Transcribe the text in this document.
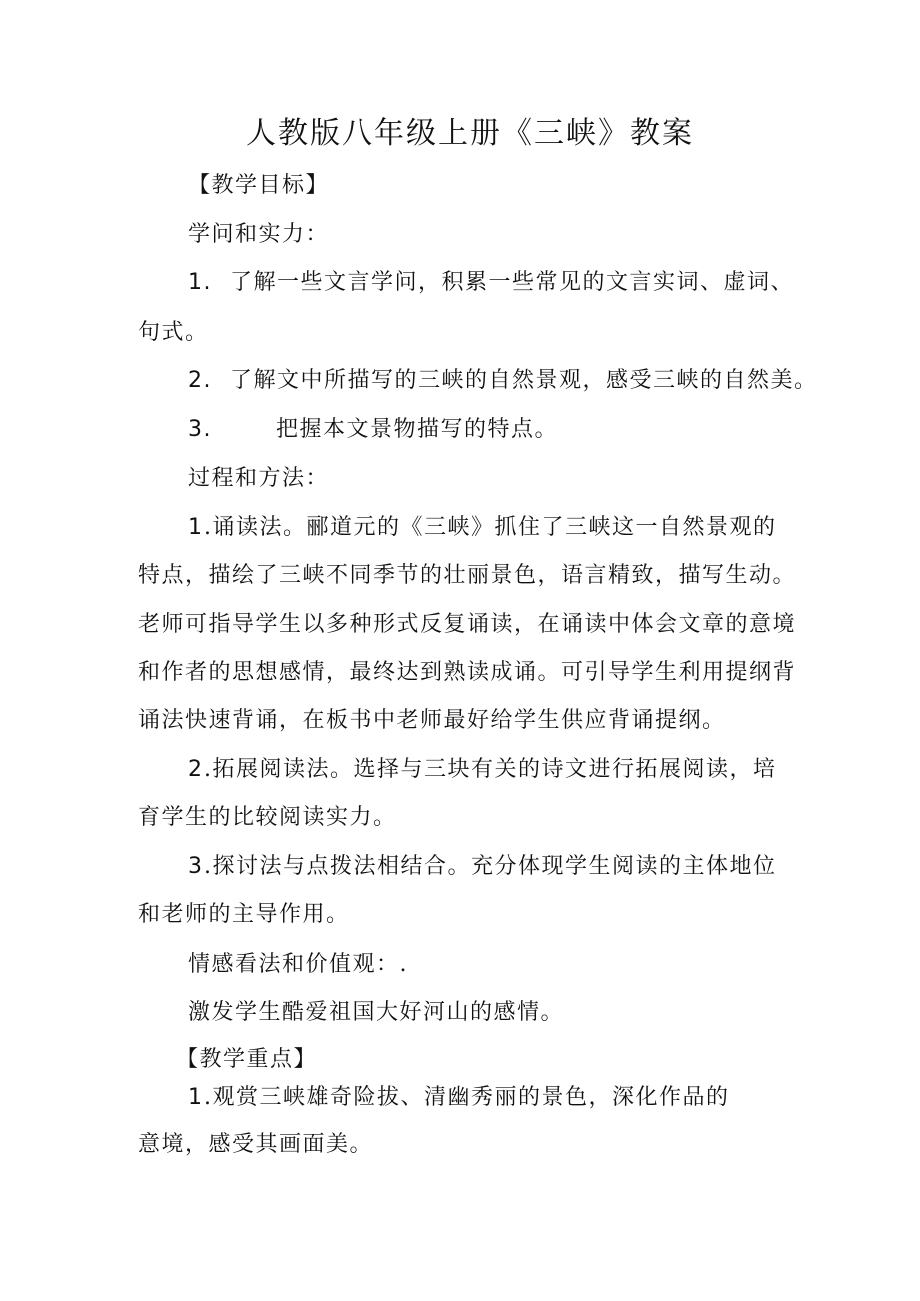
人教版八年级上册《三峡》教案
【教学目标】
学问和实力：
1. 了解一些文言学问，积累一些常见的文言实词、虚词、
句式。
2. 了解文中所描写的三峡的自然景观，感受三峡的自然美。
3.	把握本文景物描写的特点。
过程和方法：
1 .诵读法。郦道元的《三峡》抓住了三峡这一自然景观的
特点，描绘了三峡不同季节的壮丽景色，语言精致，描写生动。
老师可指导学生以多种形式反复诵读，在诵读中体会文章的意境
和作者的思想感情，最终达到熟读成诵。可引导学生利用提纲背
诵法快速背诵，在板书中老师最好给学生供应背诵提纲。
2 .拓展阅读法。选择与三块有关的诗文进行拓展阅读，培
育学生的比较阅读实力。
3 .探讨法与点拨法相结合。充分体现学生阅读的主体地位
和老师的主导作用。
情感看法和价值观：.
激发学生酷爱祖国大好河山的感情。
【教学重点】
1 .观赏三峡雄奇险拔、清幽秀丽的景色，深化作品的
意境，感受其画面美。
